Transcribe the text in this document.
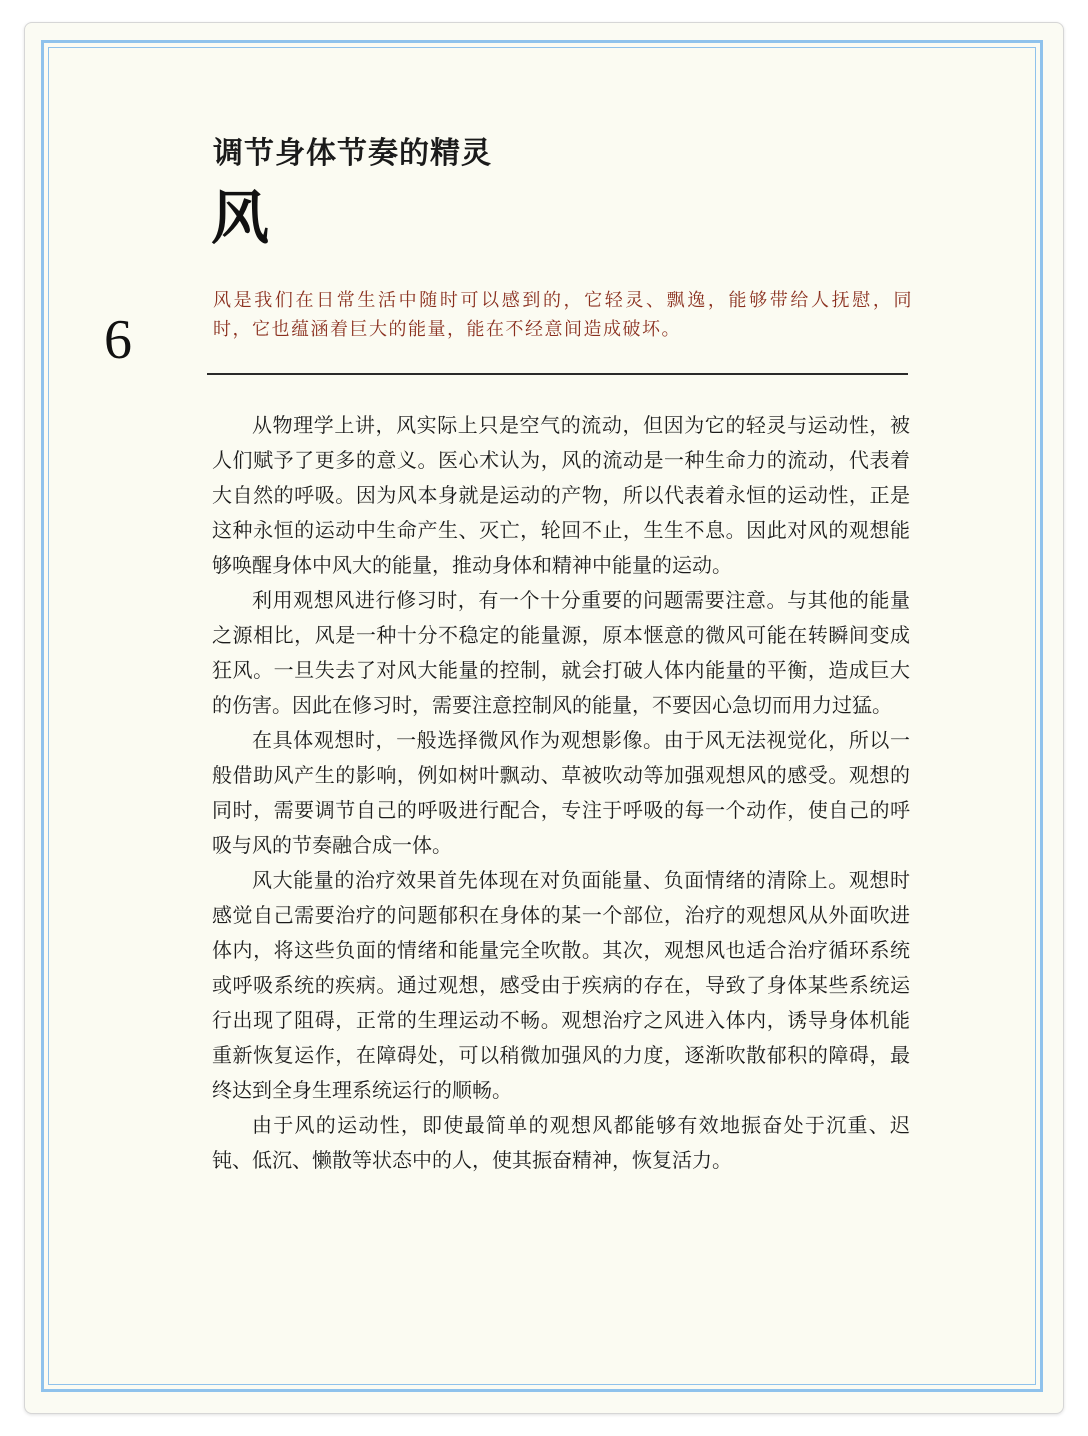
调节身体节奏的精灵
风
6

风是我们在日常生活中随时可以感到的，它轻灵、飘逸，能够带给人抚慰，同时，它也蕴涵着巨大的能量，能在不经意间造成破坏。

从物理学上讲，风实际上只是空气的流动，但因为它的轻灵与运动性，被人们赋予了更多的意义。医心术认为，风的流动是一种生命力的流动，代表着大自然的呼吸。因为风本身就是运动的产物，所以代表着永恒的运动性，正是这种永恒的运动中生命产生、灭亡，轮回不止，生生不息。因此对风的观想能够唤醒身体中风大的能量，推动身体和精神中能量的运动。

利用观想风进行修习时，有一个十分重要的问题需要注意。与其他的能量之源相比，风是一种十分不稳定的能量源，原本惬意的微风可能在转瞬间变成狂风。一旦失去了对风大能量的控制，就会打破人体内能量的平衡，造成巨大的伤害。因此在修习时，需要注意控制风的能量，不要因心急切而用力过猛。

在具体观想时，一般选择微风作为观想影像。由于风无法视觉化，所以一般借助风产生的影响，例如树叶飘动、草被吹动等加强观想风的感受。观想的同时，需要调节自己的呼吸进行配合，专注于呼吸的每一个动作，使自己的呼吸与风的节奏融合成一体。

风大能量的治疗效果首先体现在对负面能量、负面情绪的清除上。观想时感觉自己需要治疗的问题郁积在身体的某一个部位，治疗的观想风从外面吹进体内，将这些负面的情绪和能量完全吹散。其次，观想风也适合治疗循环系统或呼吸系统的疾病。通过观想，感受由于疾病的存在，导致了身体某些系统运行出现了阻碍，正常的生理运动不畅。观想治疗之风进入体内，诱导身体机能重新恢复运作，在障碍处，可以稍微加强风的力度，逐渐吹散郁积的障碍，最终达到全身生理系统运行的顺畅。

由于风的运动性，即使最简单的观想风都能够有效地振奋处于沉重、迟钝、低沉、懒散等状态中的人，使其振奋精神，恢复活力。
